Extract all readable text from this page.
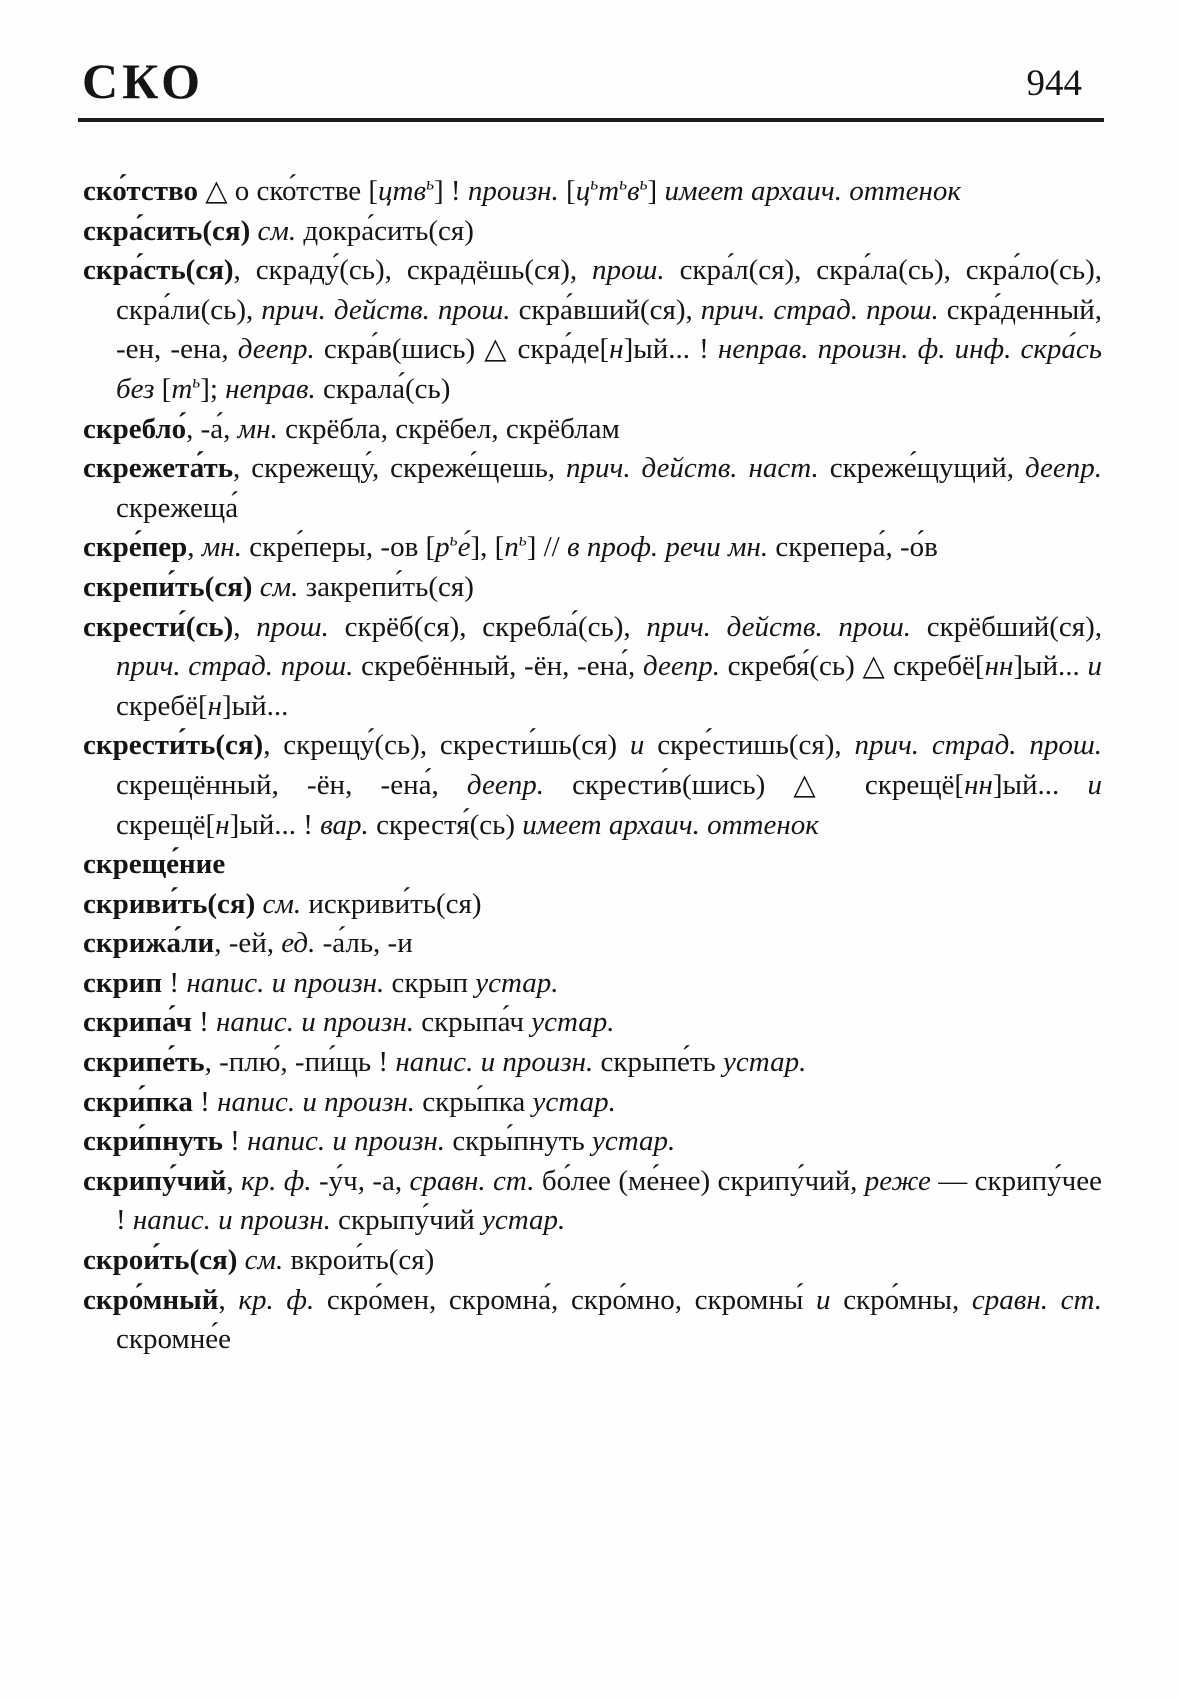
СКО	944

ско́тство △ о ско́тстве [цтв$^ь$] ! произн. $[ц^ьт^ьв^ь]$ имеет архаич. оттенок

скра́сить(ся) см. докра́сить(ся)

скра́сть(ся), скраду́(сь), скрадёшь(ся), прош. скра́л(ся), скра́ла(сь), скра́ло(сь), скра́ли(сь), прич. действ. прош. скра́вший(ся), прич. страд. прош. скра́денный, -ен, -ена, деепр. скра́в(шись) △ скра́де[н]ый... ! неправ. произн. ф. инф. скра́сь без $[т^ь]$; неправ. скрала́(сь)

скребло́, -а́, мн. скрёбла, скрёбел, скрёблам

скрежета́ть, скрежещу́, скреже́щешь, прич. действ. наст. скреже́щущий, деепр. скрежеща́

скре́пер, мн. скре́перы, -ов $[р^ье́]$, $[п^ь]$ // в проф. речи мн. скрепера́, -о́в

скрепи́ть(ся) см. закрепи́ть(ся)

скрести́(сь), прош. скрёб(ся), скребла́(сь), прич. действ. прош. скрёбший(ся), прич. страд. прош. скребённый, -ён, -ена́, деепр. скребя́(сь) △ скребё[нн]ый... и скребё[н]ый...

скрести́ть(ся), скрещу́(сь), скрести́шь(ся) и скре́стишь(ся), прич. страд. прош. скрещённый, -ён, -ена́, деепр. скрести́в(шись) △ скрещё[нн]ый... и скрещё[н]ый... ! вар. скрестя́(сь) имеет архаич. оттенок

скреще́ние

скриви́ть(ся) см. искриви́ть(ся)

скрижа́ли, -ей, ед. -а́ль, -и

скрип ! напис. и произн. скрып устар.

скрипа́ч ! напис. и произн. скрыпа́ч устар.

скрипе́ть, -плю́, -пи́щь ! напис. и произн. скрыпе́ть устар.

скри́пка ! напис. и произн. скры́пка устар.

скри́пнуть ! напис. и произн. скры́пнуть устар.

скрипу́чий, кр. ф. -у́ч, -а, сравн. ст. бо́лее (ме́нее) скрипу́чий, реже — скрипу́чее ! напис. и произн. скрыпу́чий устар.

скрои́ть(ся) см. вкрои́ть(ся)

скро́мный, кр. ф. скро́мен, скромна́, скро́мно, скромны́ и скро́мны, сравн. ст. скромне́е
